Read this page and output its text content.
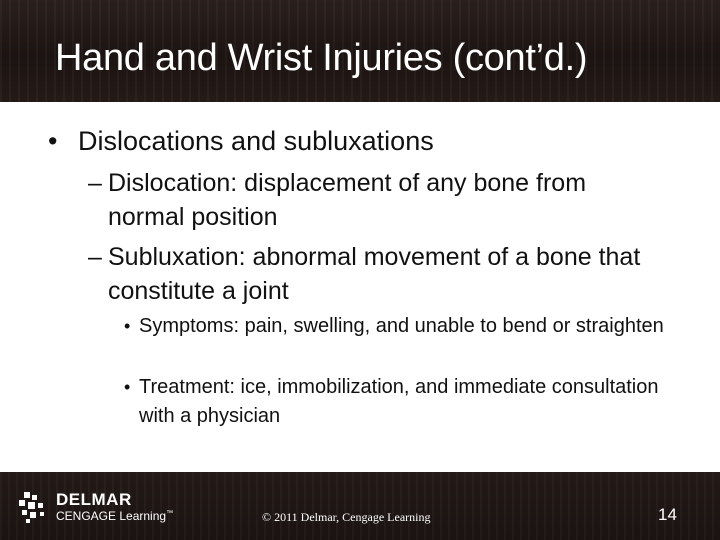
Hand and Wrist Injuries (cont’d.)
• Dislocations and subluxations
– Dislocation: displacement of any bone from normal position
– Subluxation: abnormal movement of a bone that constitute a joint
• Symptoms: pain, swelling, and unable to bend or straighten
• Treatment: ice, immobilization, and immediate consultation with a physician
DELMAR
CENGAGE Learning™	© 2011 Delmar, Cengage Learning	14
